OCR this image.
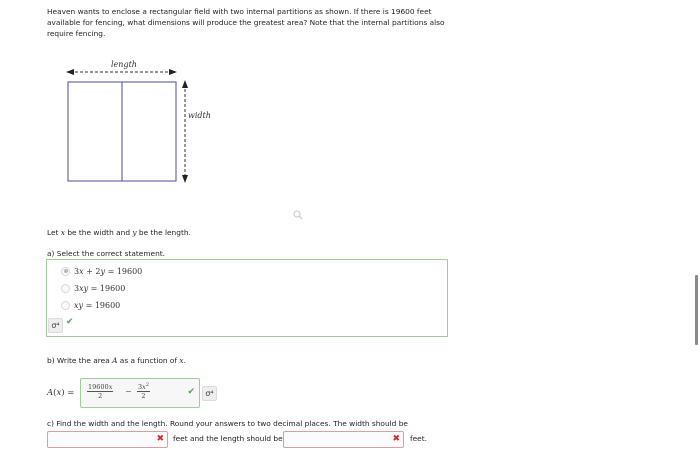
Heaven wants to enclose a rectangular field with two internal partitions as shown. If there is 19600 feet available for fencing, what dimensions will produce the greatest area? Note that the internal partitions also require fencing.
length
width
Let x be the width and y be the length.
a) Select the correct statement.
3x + 2y = 19600
3xy = 19600
xy = 19600
σ⁴ ✔
b) Write the area A as a function of x.
$A(x) = \frac{19600x}{2} - \frac{3x^2}{2}$	✔	σ⁴
c) Find the width and the length. Round your answers to two decimal places. The width should be
✖ feet and the length should be	✖ feet.
